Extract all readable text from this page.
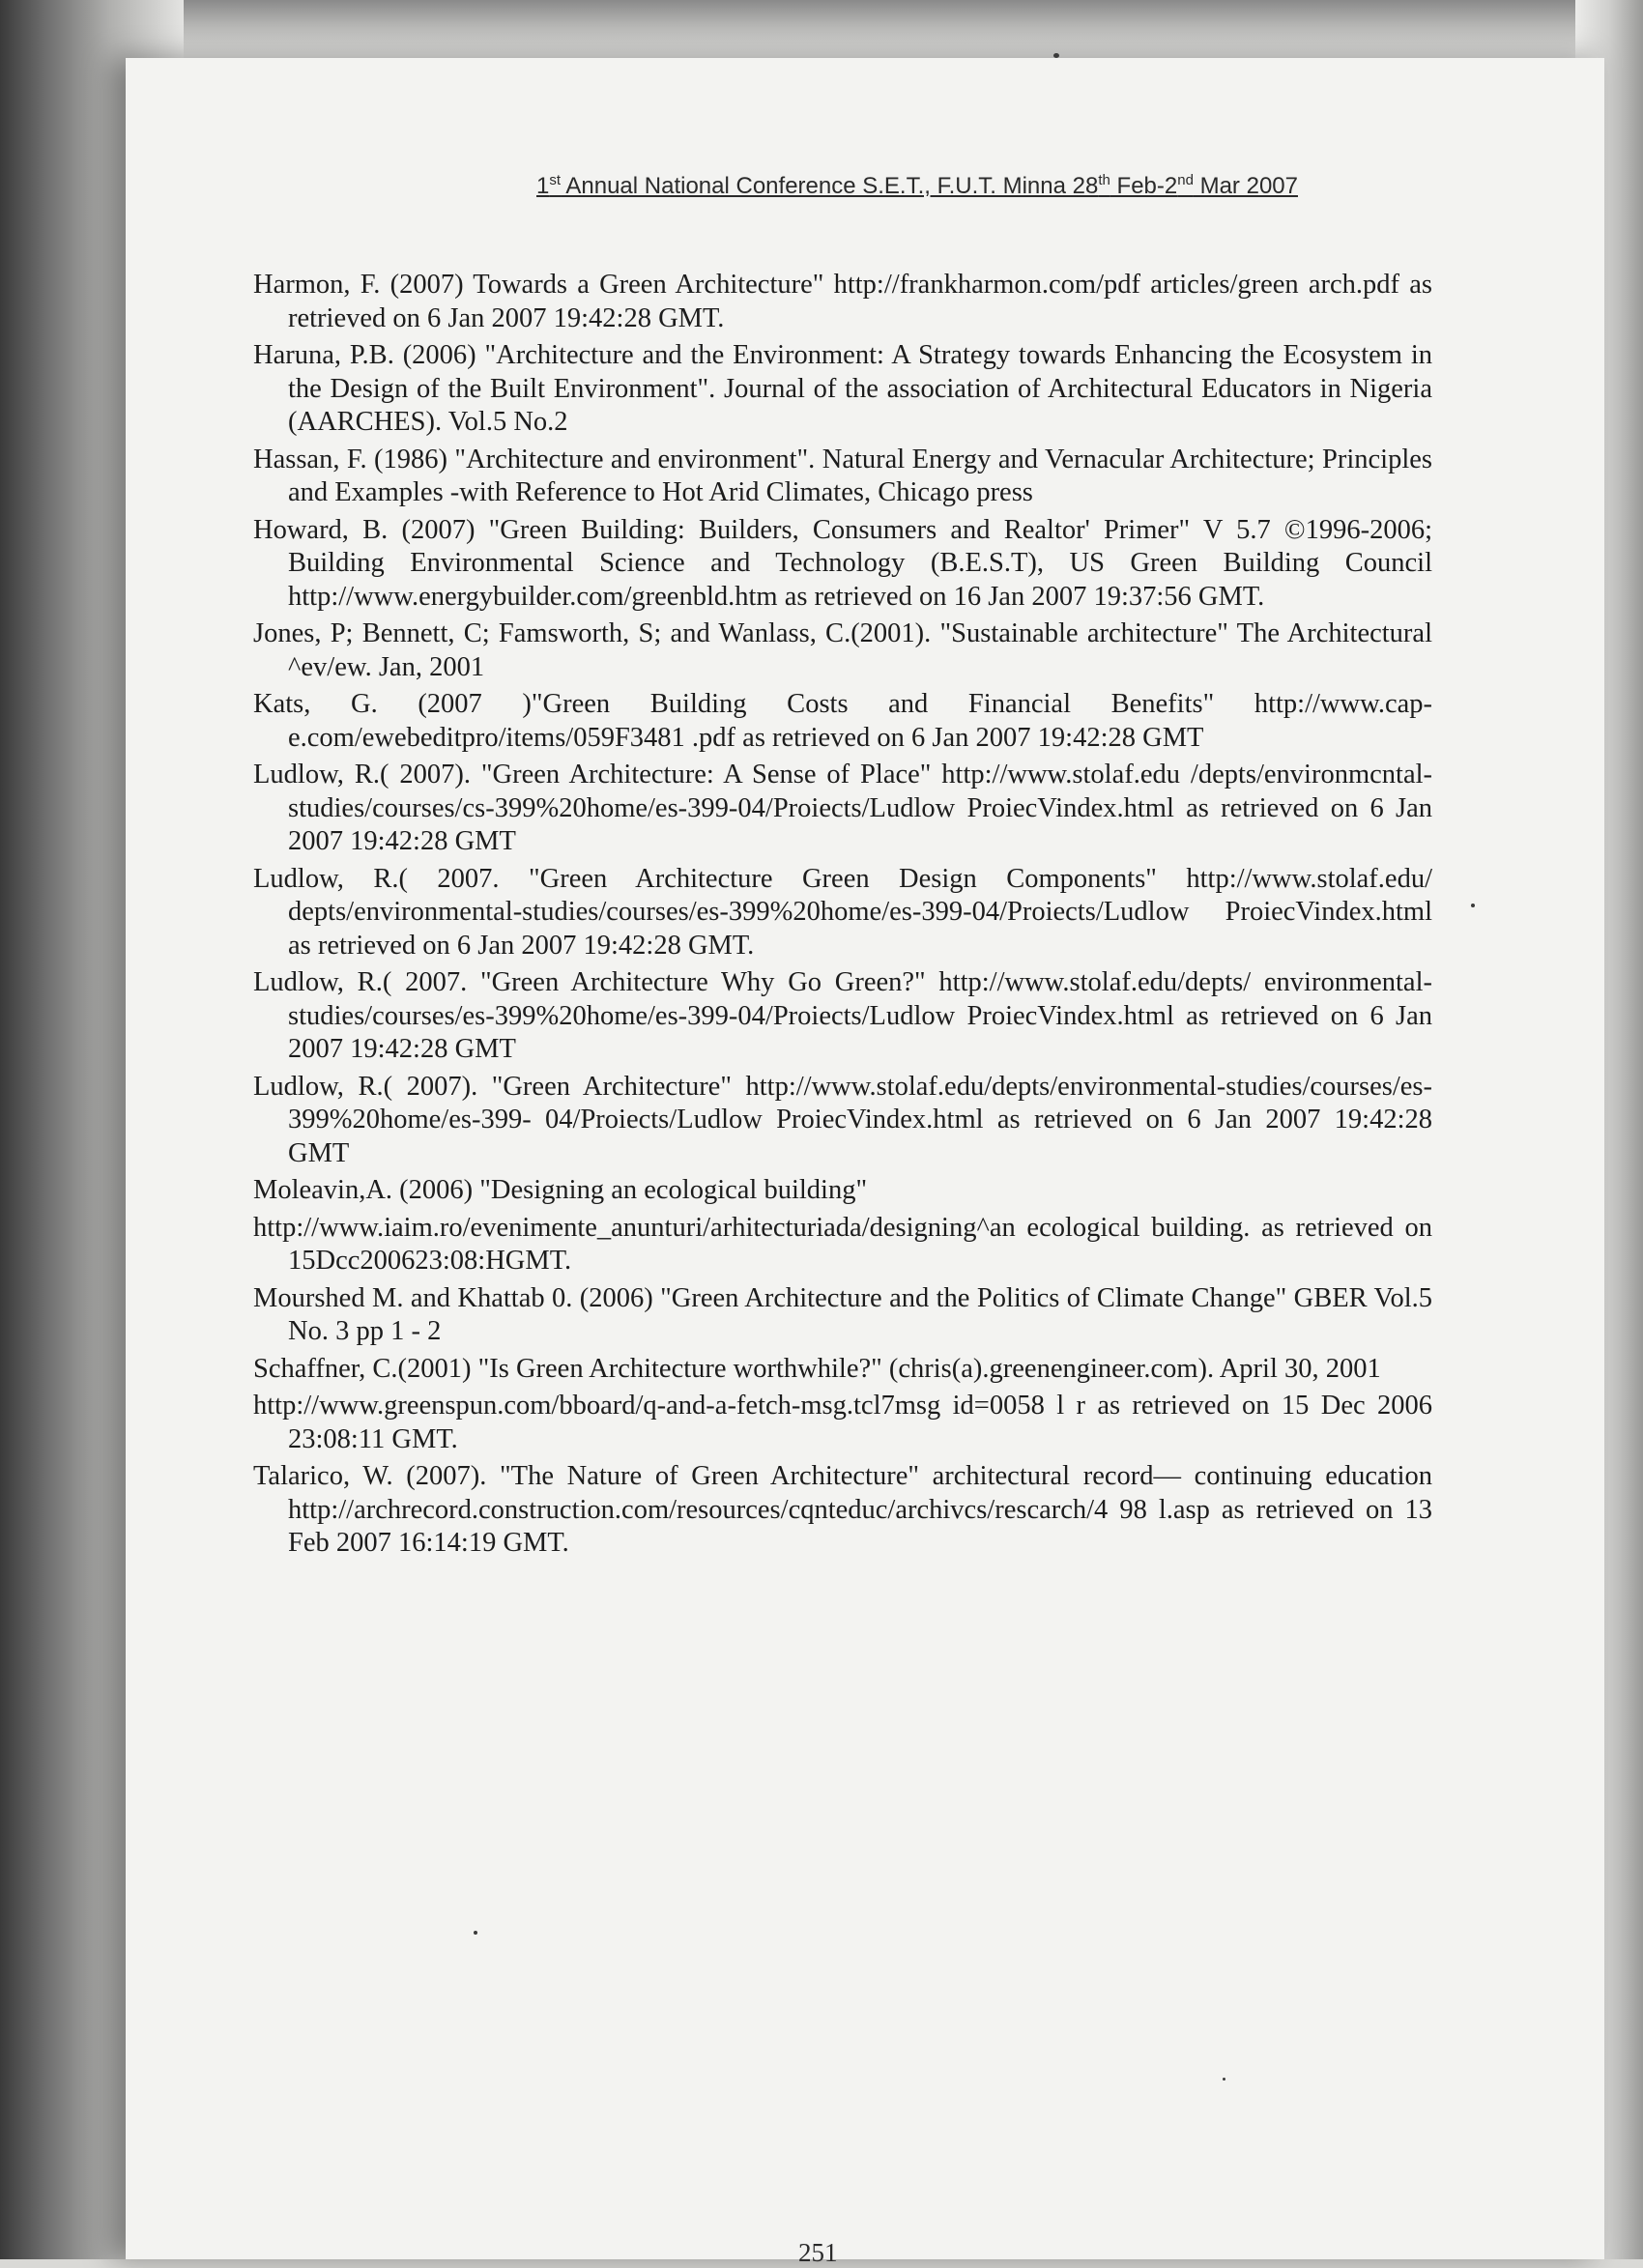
1st Annual National Conference S.E.T., F.U.T. Minna 28th Feb-2nd Mar 2007

Harmon, F. (2007) Towards a Green Architecture" http://frankharmon.com/pdf articles/green arch.pdf as retrieved on 6 Jan 2007 19:42:28 GMT.

Haruna, P.B. (2006) "Architecture and the Environment: A Strategy towards Enhancing the Ecosystem in the Design of the Built Environment". Journal of the association of Architectural Educators in Nigeria (AARCHES). Vol.5 No.2

Hassan, F. (1986) "Architecture and environment". Natural Energy and Vernacular Architecture; Principles and Examples -with Reference to Hot Arid Climates, Chicago press

Howard, B. (2007) "Green Building: Builders, Consumers and Realtor' Primer" V 5.7 ©1996-2006; Building Environmental Science and Technology (B.E.S.T), US Green Building Council http://www.energybuilder.com/greenbld.htm as retrieved on 16 Jan 2007 19:37:56 GMT.

Jones, P; Bennett, C; Famsworth, S; and Wanlass, C.(2001). "Sustainable architecture" The Architectural ^ev/ew. Jan, 2001

Kats, G. (2007 )"Green Building Costs and Financial Benefits" http://www.cap-e.com/ewebeditpro/items/059F3481 .pdf as retrieved on 6 Jan 2007 19:42:28 GMT

Ludlow, R.( 2007). "Green Architecture: A Sense of Place" http://www.stolaf.edu /depts/environmcntal-studies/courses/cs-399%20home/es-399-04/Proiects/Ludlow ProiecVindex.html as retrieved on 6 Jan 2007 19:42:28 GMT

Ludlow, R.( 2007. "Green Architecture Green Design Components" http://www.stolaf.edu/ depts/environmental-studies/courses/es-399%20home/es-399-04/Proiects/Ludlow ProiecVindex.html as retrieved on 6 Jan 2007 19:42:28 GMT.

Ludlow, R.( 2007. "Green Architecture Why Go Green?" http://www.stolaf.edu/depts/ environmental-studies/courses/es-399%20home/es-399-04/Proiects/Ludlow ProiecVindex.html as retrieved on 6 Jan 2007 19:42:28 GMT

Ludlow, R.( 2007). "Green Architecture" http://www.stolaf.edu/depts/environmental-studies/courses/es-399%20home/es-399- 04/Proiects/Ludlow ProiecVindex.html as retrieved on 6 Jan 2007 19:42:28 GMT

Moleavin,A. (2006) "Designing an ecological building"

http://www.iaim.ro/evenimente_anunturi/arhitecturiada/designing^an ecological building. as retrieved on 15Dcc200623:08:HGMT.

Mourshed M. and Khattab 0. (2006) "Green Architecture and the Politics of Climate Change" GBER Vol.5 No. 3 pp 1 - 2

Schaffner, C.(2001) "Is Green Architecture worthwhile?" (chris(a).greenengineer.com). April 30, 2001

http://www.greenspun.com/bboard/q-and-a-fetch-msg.tcl7msg id=0058 l r as retrieved on 15 Dec 2006 23:08:11 GMT.

Talarico, W. (2007). "The Nature of Green Architecture" architectural record— continuing education http://archrecord.construction.com/resources/cqnteduc/archivcs/rescarch/4 98 l.asp as retrieved on 13 Feb 2007 16:14:19 GMT.

251
